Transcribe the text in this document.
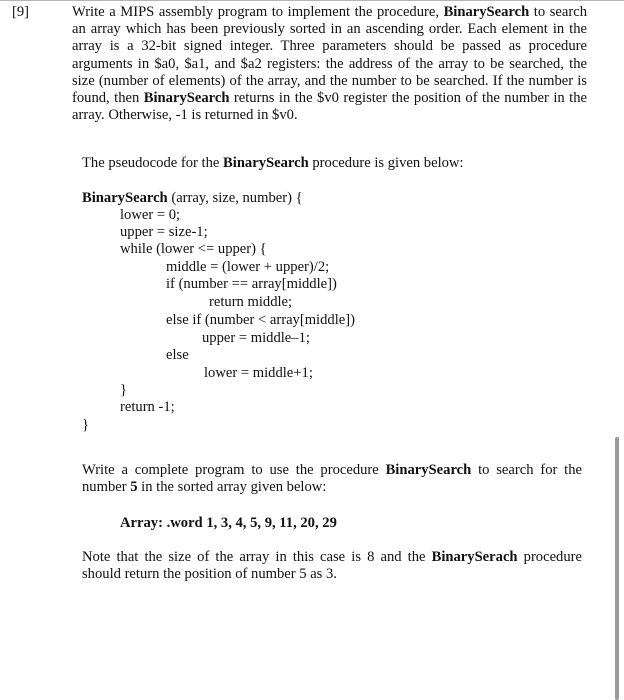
[9]	Write a MIPS assembly program to implement the procedure, BinarySearch to search an array which has been previously sorted in an ascending order. Each element in the array is a 32-bit signed integer. Three parameters should be passed as procedure arguments in $a0, $a1, and $a2 registers: the address of the array to be searched, the size (number of elements) of the array, and the number to be searched. If the number is found, then BinarySearch returns in the $v0 register the position of the number in the array. Otherwise, -1 is returned in $v0.

The pseudocode for the BinarySearch procedure is given below:

BinarySearch (array, size, number) {

lower = 0;

upper = size-1;

while (lower <= upper) {

middle = (lower + upper)/2;

if (number == array[middle])

return middle;

else if (number < array[middle])

upper = middle–1;

else

lower = middle+1;

}

return -1;

}

Write a complete program to use the procedure BinarySearch to search for the number 5 in the sorted array given below:

Array: .word 1, 3, 4, 5, 9, 11, 20, 29

Note that the size of the array in this case is 8 and the BinarySerach procedure should return the position of number 5 as 3.
